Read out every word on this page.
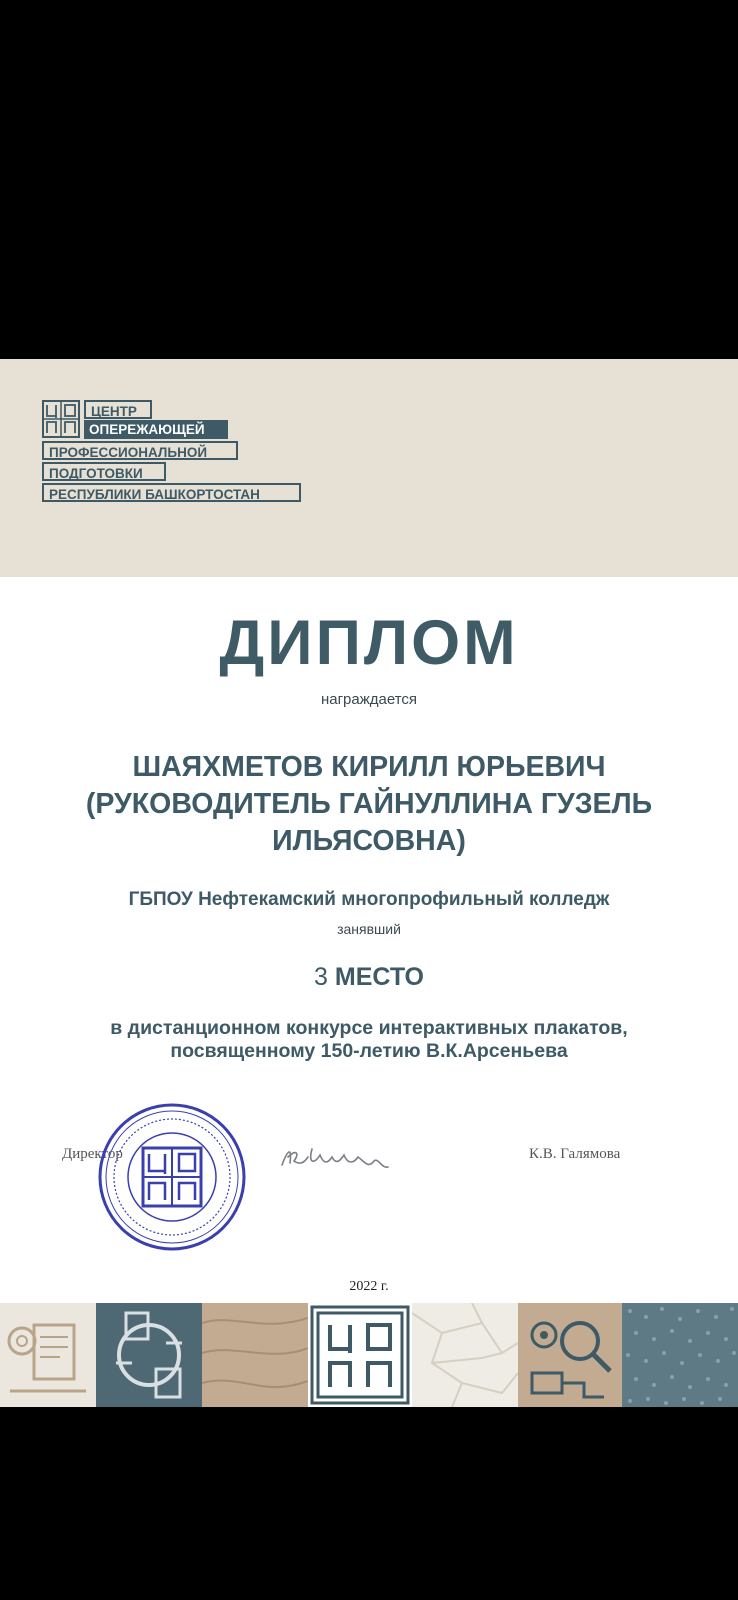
ЦЕНТР
ОПЕРЕЖАЮЩЕЙ
ПРОФЕССИОНАЛЬНОЙ
ПОДГОТОВКИ
РЕСПУБЛИКИ БАШКОРТОСТАН
ДИПЛОМ
награждается
ШАЯХМЕТОВ КИРИЛЛ ЮРЬЕВИЧ
(РУКОВОДИТЕЛЬ ГАЙНУЛЛИНА ГУЗЕЛЬ
ИЛЬЯСОВНА)
ГБПОУ Нефтекамский многопрофильный колледж
занявший
3 МЕСТО
в дистанционном конкурсе интерактивных плакатов,
посвященному 150-летию В.К.Арсеньева
Директор	К.В. Галямова
2022 г.
